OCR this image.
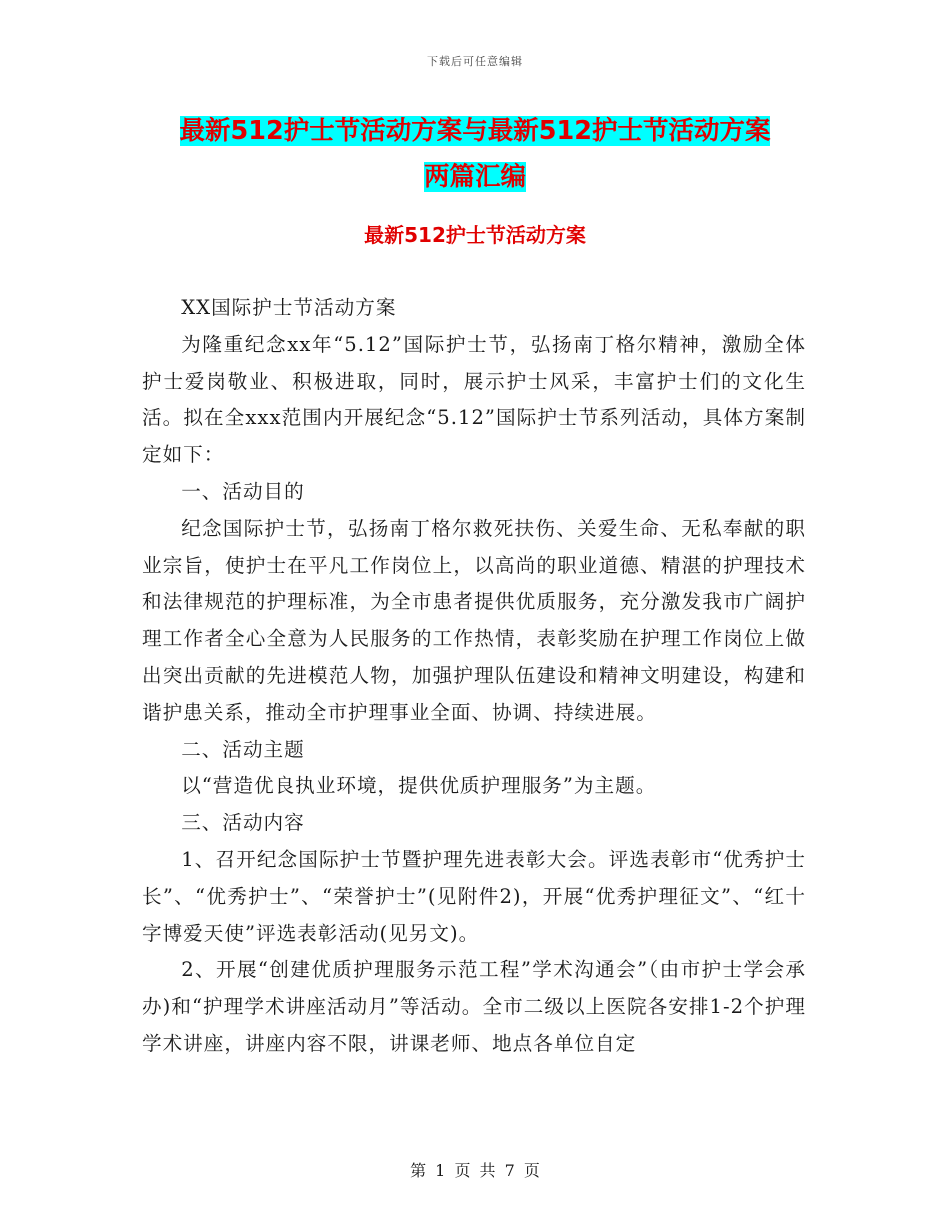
下载后可任意编辑
最新512护士节活动方案与最新512护士节活动方案
两篇汇编
最新512护士节活动方案

XX国际护士节活动方案

为隆重纪念xx年“5.12”国际护士节，弘扬南丁格尔精神，激励全体护士爱岗敬业、积极进取，同时，展示护士风采，丰富护士们的文化生活。拟在全xxx范围内开展纪念“5.12”国际护士节系列活动，具体方案制定如下：

一、活动目的

纪念国际护士节，弘扬南丁格尔救死扶伤、关爱生命、无私奉献的职业宗旨，使护士在平凡工作岗位上，以高尚的职业道德、精湛的护理技术和法律规范的护理标准，为全市患者提供优质服务，充分激发我市广阔护理工作者全心全意为人民服务的工作热情，表彰奖励在护理工作岗位上做出突出贡献的先进模范人物，加强护理队伍建设和精神文明建设，构建和谐护患关系，推动全市护理事业全面、协调、持续进展。

二、活动主题

以“营造优良执业环境，提供优质护理服务”为主题。

三、活动内容

1、召开纪念国际护士节暨护理先进表彰大会。评选表彰市“优秀护士长”、“优秀护士”、“荣誉护士”(见附件2)，开展“优秀护理征文”、“红十字博爱天使”评选表彰活动(见另文)。

2、开展“创建优质护理服务示范工程”学术沟通会”（由市护士学会承办)和“护理学术讲座活动月”等活动。全市二级以上医院各安排1-2个护理学术讲座，讲座内容不限，讲课老师、地点各单位自定

第 1 页 共 7 页
